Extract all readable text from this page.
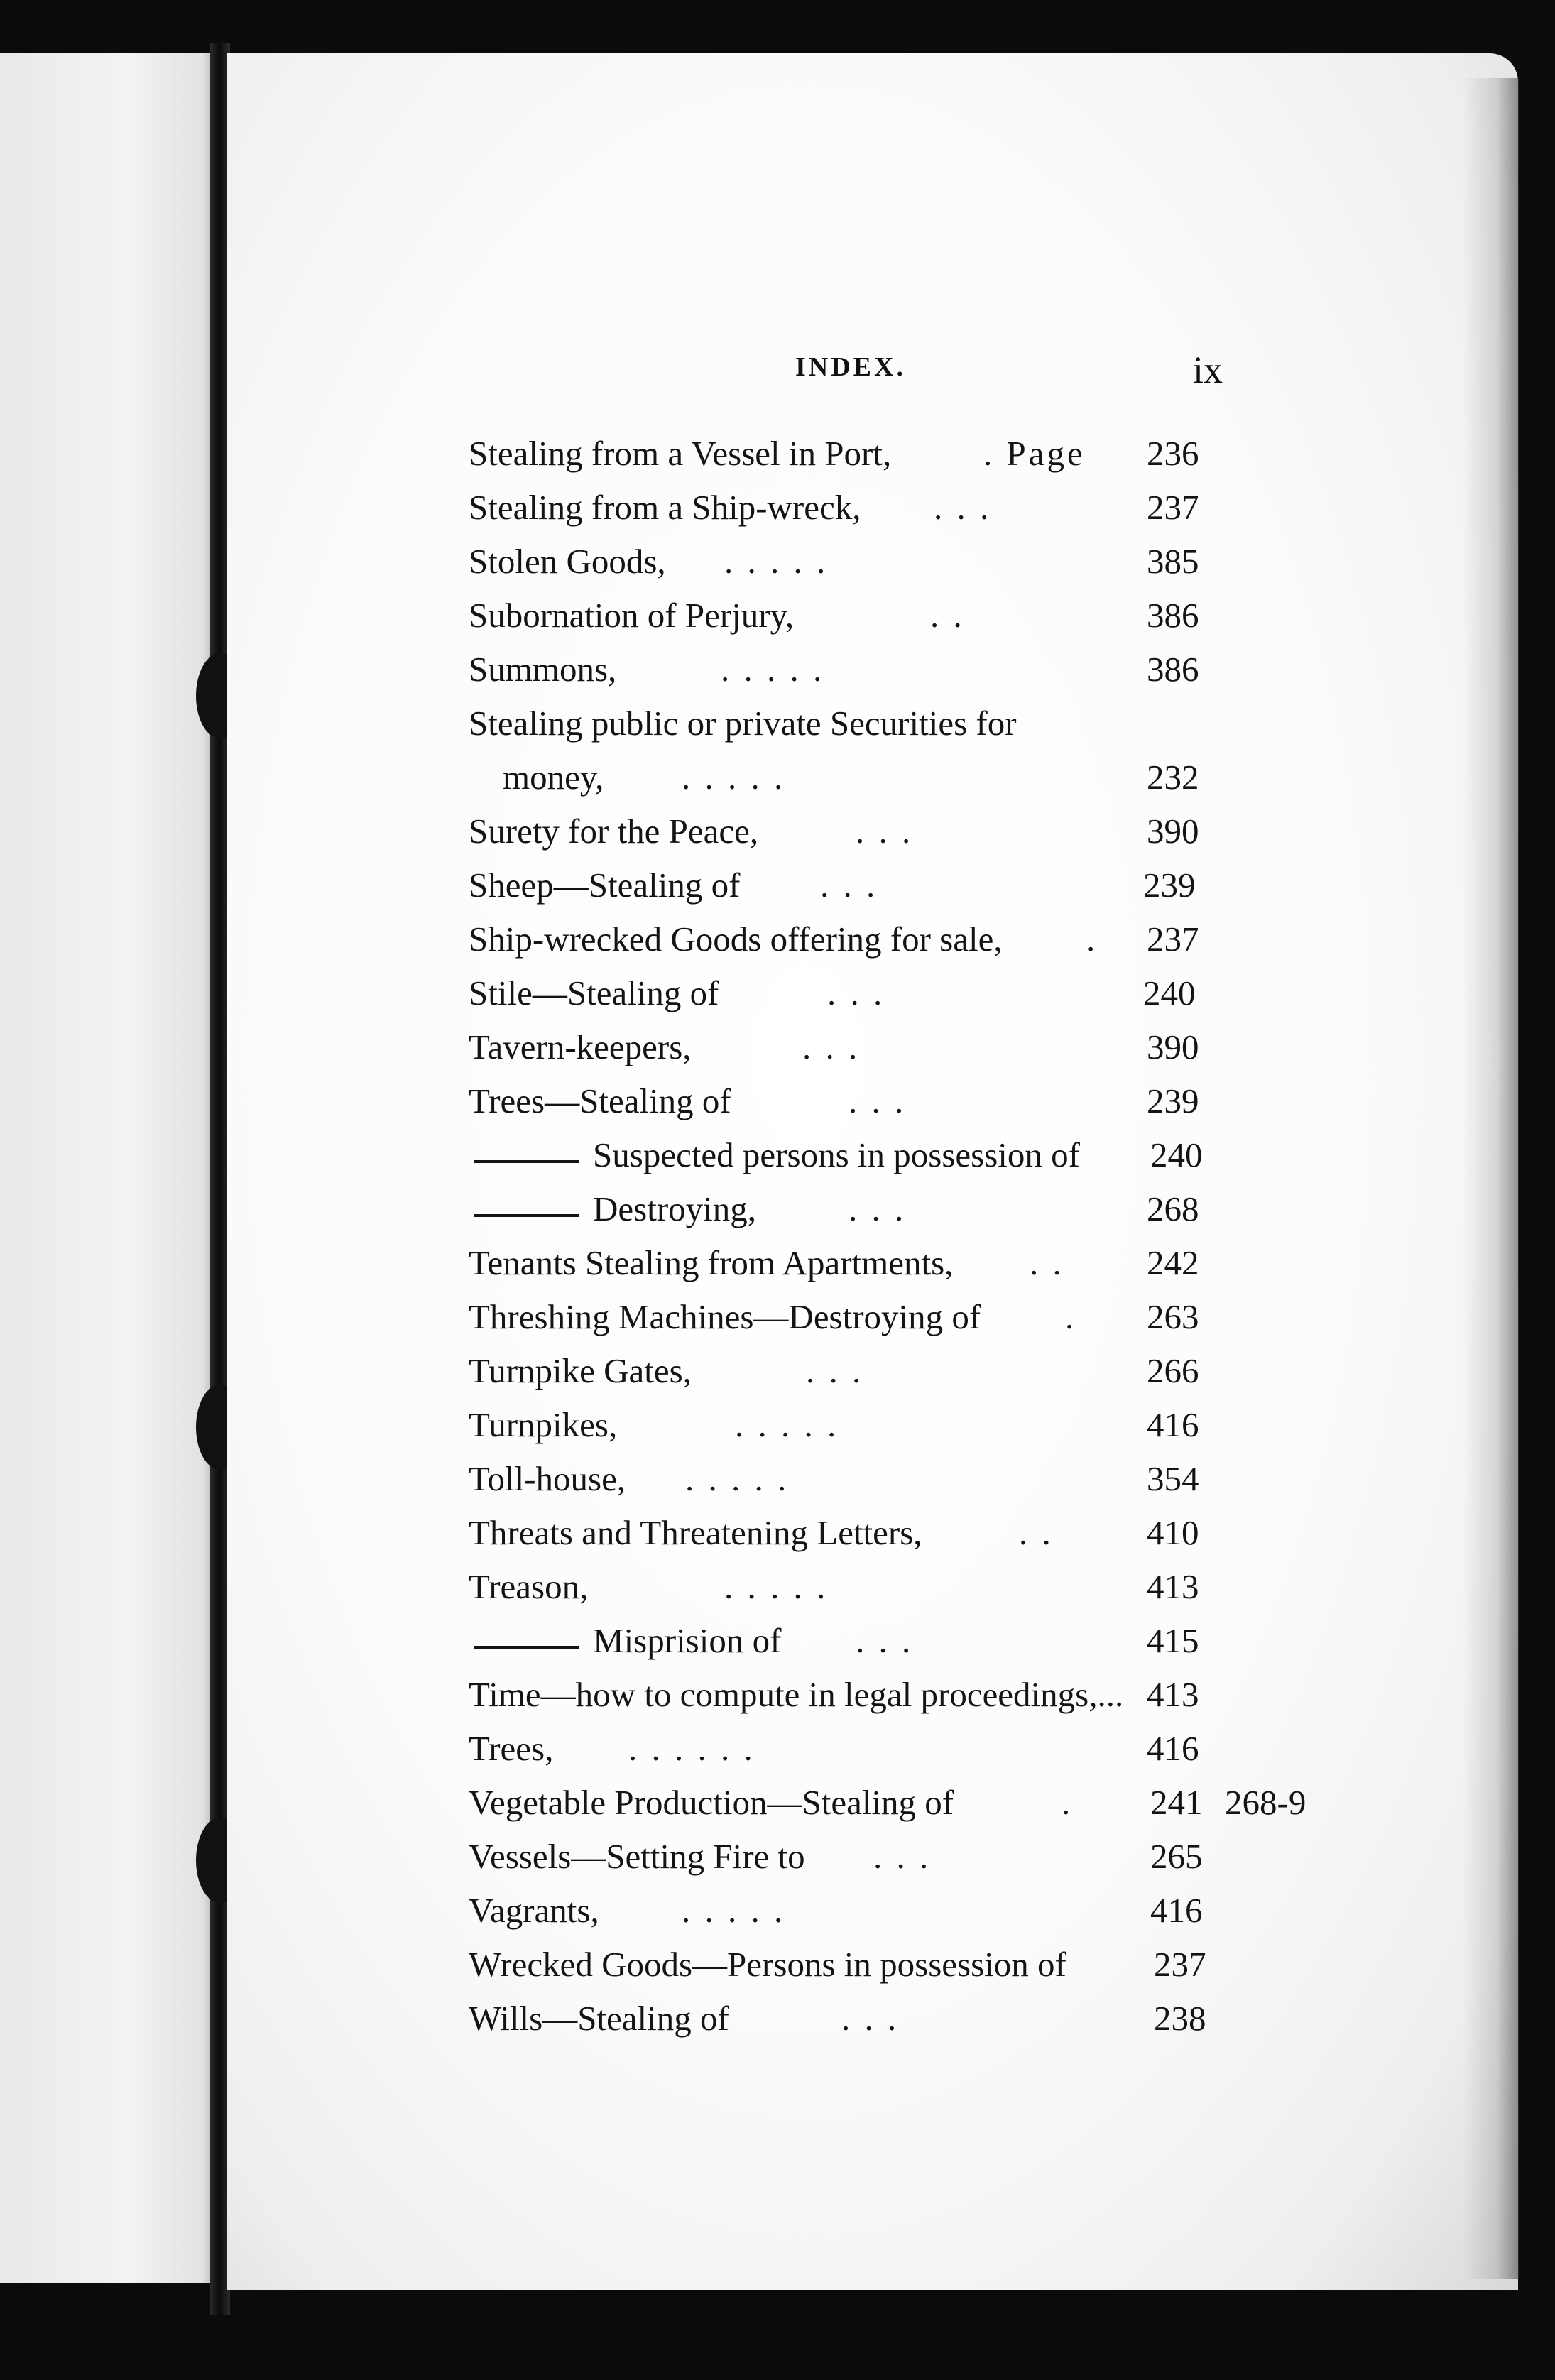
INDEX.	ix
Stealing from a Vessel in Port,	. Page 236
Stealing from a Ship-wreck, . . .	237
Stolen Goods, . . . . .	385
Subornation of Perjury,	. .	386
Summons,	. . . . .	386
Stealing public or private Securities for
money, . . . . .	232
Surety for the Peace,	. . .	390
Sheep—Stealing of . . .	239
Ship-wrecked Goods offering for sale, . 237
Stile—Stealing of	. . .	240
Tavern-keepers,	. . .	390
Trees—Stealing of	. . .	239
Suspected persons in possession of 240
Destroying,	. . .	268
Tenants Stealing from Apartments, . . 242
Threshing Machines—Destroying of . 263
Turnpike Gates,	. . .	266
Turnpikes,	. . . . .	416
Toll-house, . . . . .	354
Threats and Threatening Letters,	. .	410
Treason,	. . . . .	413
Misprision of . . .	415
Time—how to compute in legal proceedings,... 413
Trees, . . . . . .	416
Vegetable Production—Stealing of	. 241 268-9
Vessels—Setting Fire to . . .	265
Vagrants, . . . . .	416
Wrecked Goods—Persons in possession of	237
Wills—Stealing of	. . .	238
